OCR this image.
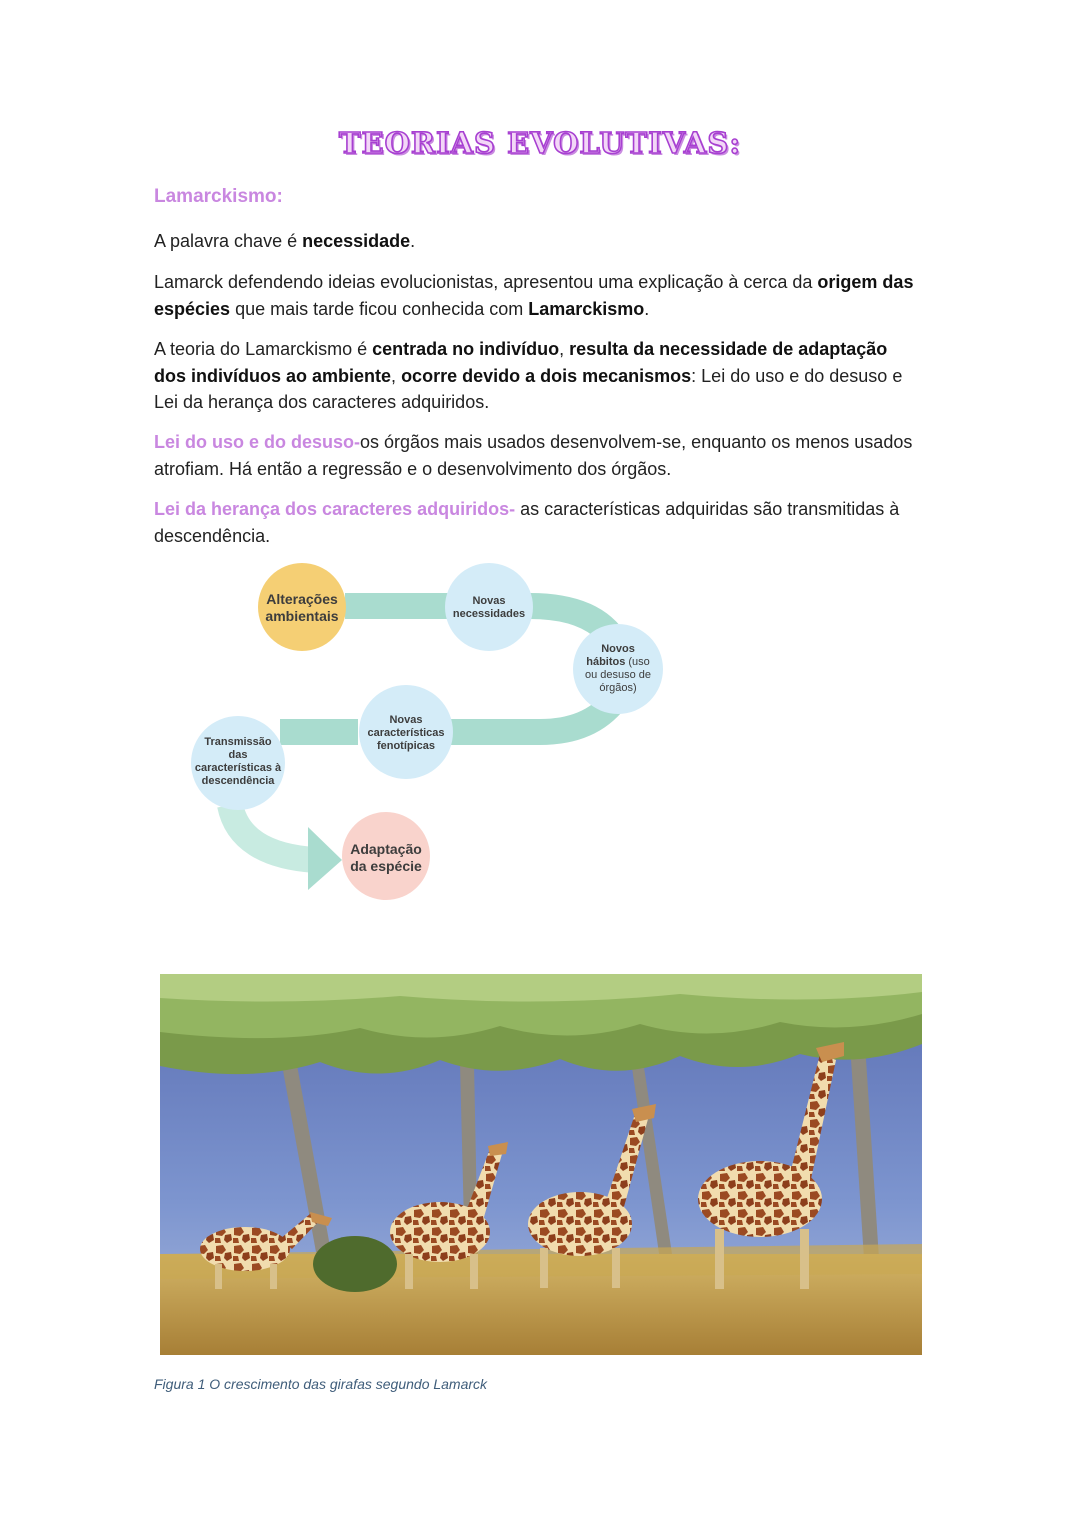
TEORIAS EVOLUTIVAS:
Lamarckismo:
A palavra chave é necessidade.
Lamarck defendendo ideias evolucionistas, apresentou uma explicação à cerca da origem das espécies que mais tarde ficou conhecida com Lamarckismo.
A teoria do Lamarckismo é centrada no indivíduo, resulta da necessidade de adaptação dos indivíduos ao ambiente, ocorre devido a dois mecanismos: Lei do uso e do desuso e Lei da herança dos caracteres adquiridos.
Lei do uso e do desuso-os órgãos mais usados desenvolvem-se, enquanto os menos usados atrofiam. Há então a regressão e o desenvolvimento dos órgãos.
Lei da herança dos caracteres adquiridos- as características adquiridas são transmitidas à descendência.
Alterações
ambientais
Novas
necessidades
Novos
hábitos (uso
ou desuso de
órgãos)
Novas
características
fenotípicas
Transmissão
das
características à
descendência
Adaptação
da espécie
Figura 1 O crescimento das girafas segundo Lamarck
